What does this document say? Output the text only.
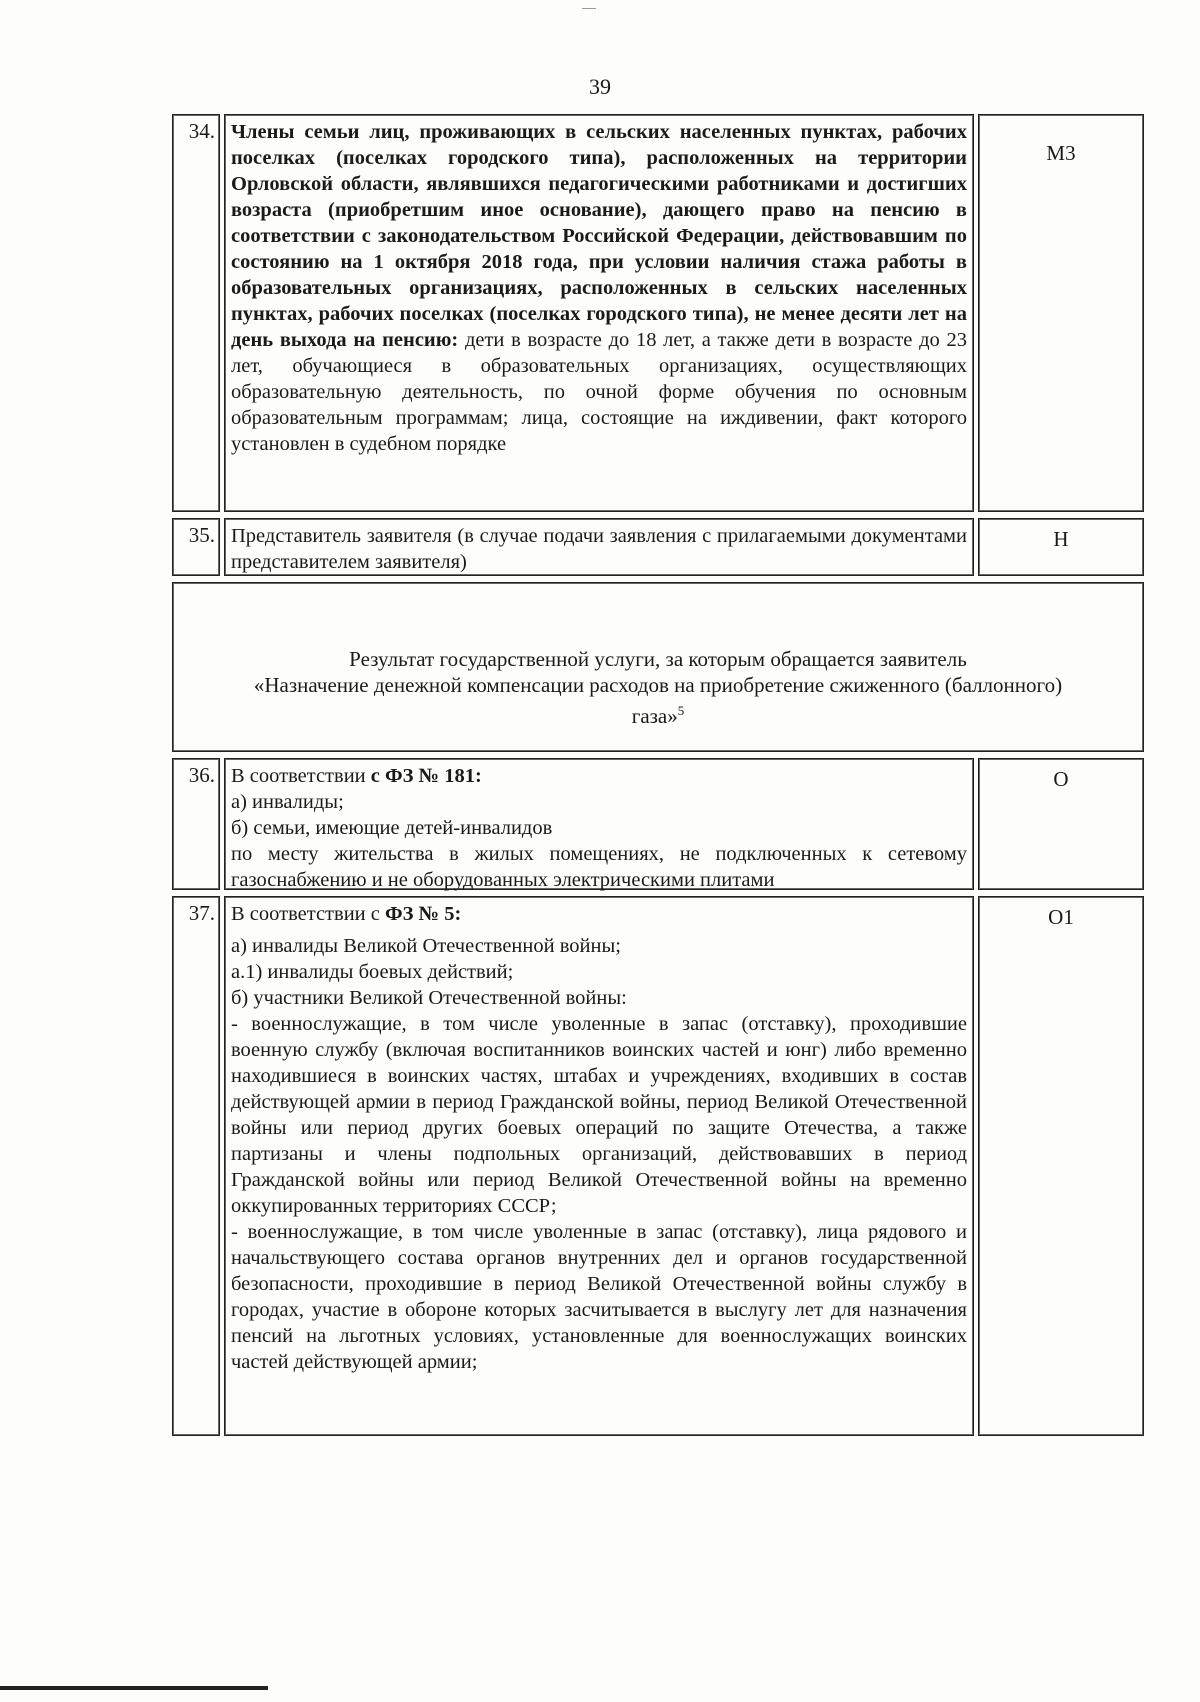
39
34. Члены семьи лиц, проживающих в сельских населенных пунктах, рабочих поселках (поселках городского типа), расположенных на территории Орловской области, являвшихся педагогическими работниками и достигших возраста (приобретшим иное основание), дающего право на пенсию в соответствии с законодательством Российской Федерации, действовавшим по состоянию на 1 октября 2018 года, при условии наличия стажа работы в образовательных организациях, расположенных в сельских населенных пунктах, рабочих поселках (поселках городского типа), не менее десяти лет на день выхода на пенсию: дети в возрасте до 18 лет, а также дети в возрасте до 23 лет, обучающиеся в образовательных организациях, осуществляющих образовательную деятельность, по очной форме обучения по основным образовательным программам; лица, состоящие на иждивении, факт которого установлен в судебном порядке
М3
35. Представитель заявителя (в случае подачи заявления с прилагаемыми документами представителем заявителя)
Н
Результат государственной услуги, за которым обращается заявитель
«Назначение денежной компенсации расходов на приобретение сжиженного (баллонного)
газа»$^5$
36. В соответствии с ФЗ № 181:
а) инвалиды;
б) семьи, имеющие детей-инвалидов
по месту жительства в жилых помещениях, не подключенных к сетевому газоснабжению и не оборудованных электрическими плитами
О
37. В соответствии с ФЗ № 5:
а) инвалиды Великой Отечественной войны;
а.1) инвалиды боевых действий;
б) участники Великой Отечественной войны:

- военнослужащие, в том числе уволенные в запас (отставку), проходившие военную службу (включая воспитанников воинских частей и юнг) либо временно находившиеся в воинских частях, штабах и учреждениях, входивших в состав действующей армии в период Гражданской войны, период Великой Отечественной войны или период других боевых операций по защите Отечества, а также партизаны и члены подпольных организаций, действовавших в период Гражданской войны или период Великой Отечественной войны на временно оккупированных территориях СССР;

- военнослужащие, в том числе уволенные в запас (отставку), лица рядового и начальствующего состава органов внутренних дел и органов государственной безопасности, проходившие в период Великой Отечественной войны службу в городах, участие в обороне которых засчитывается в выслугу лет для назначения пенсий на льготных условиях, установленные для военнослужащих воинских частей действующей армии;

О1
